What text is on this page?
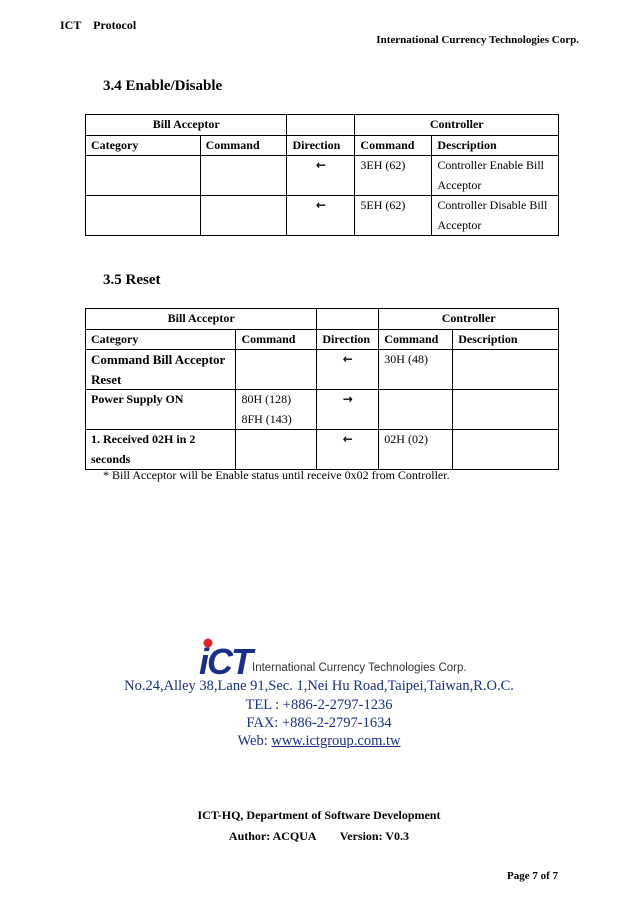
ICT    Protocol
International Currency Technologies Corp.
3.4 Enable/Disable
Bill Acceptor			Controller	
Category	Command	Direction	Command	Description
		←	3EH (62)	Controller Enable Bill
Acceptor

		←	5EH (62)	Controller Disable Bill
Acceptor
3.5 Reset
Bill Acceptor			Controller	
Category	Command	Direction	Command	Description

Command Bill Acceptor
Reset		←	30H (48)	

Power Supply ON	80H (128)
8FH (143)	→		

1. Received 02H in 2
seconds		←	02H (02)	
* Bill Acceptor will be Enable status until receive 0x02 from Controller.
iCT International Currency Technologies Corp.
No.24,Alley 38,Lane 91,Sec. 1,Nei Hu Road,Taipei,Taiwan,R.O.C.
TEL : +886-2-2797-1236
FAX: +886-2-2797-1634
Web: www.ictgroup.com.tw
ICT-HQ, Department of Software Development
Author: ACQUA        Version: V0.3
Page 7 of 7
